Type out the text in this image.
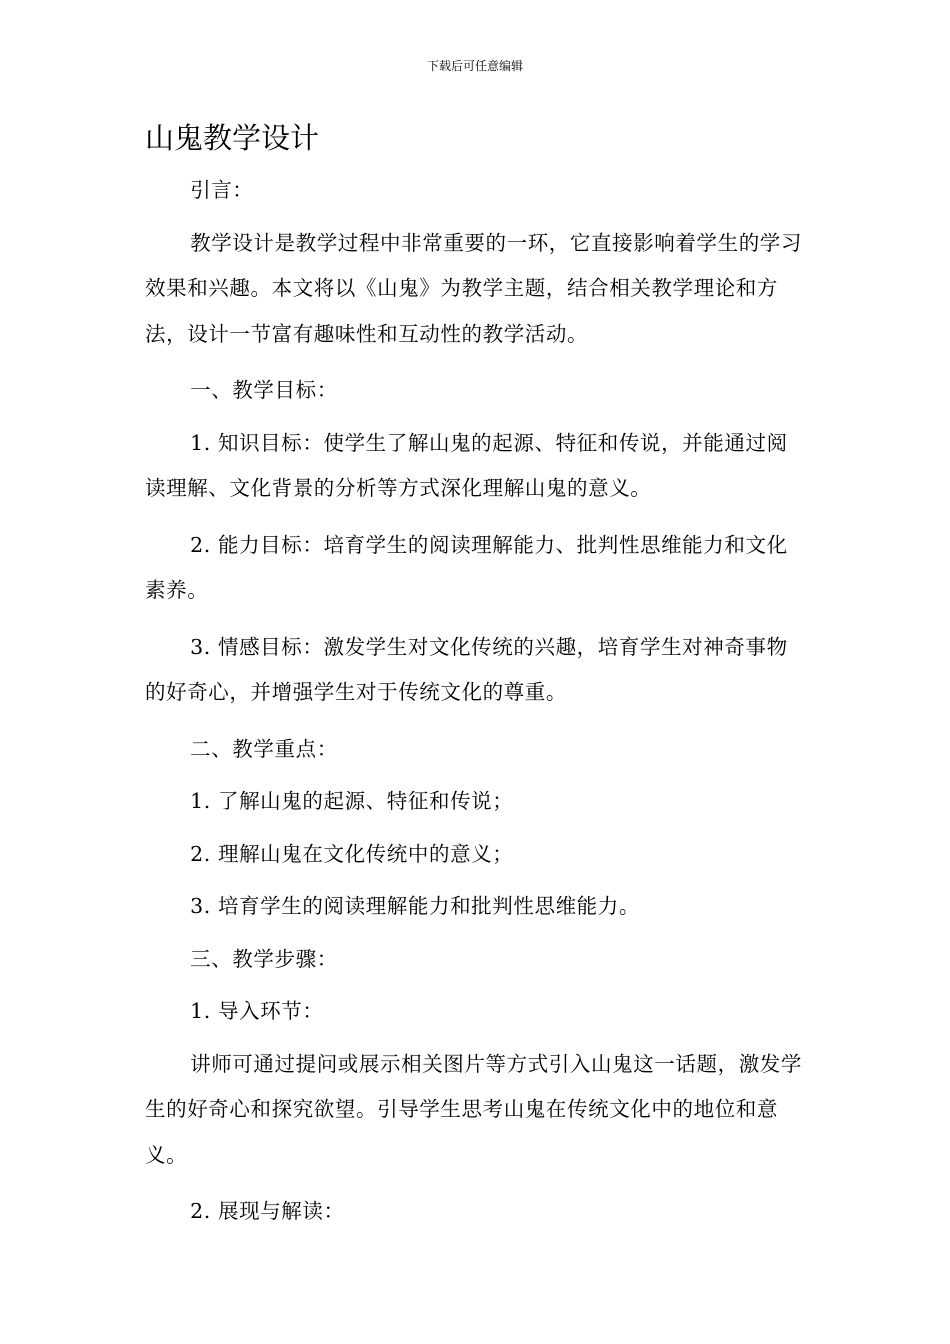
下载后可任意编辑
山鬼教学设计

引言：

教学设计是教学过程中非常重要的一环，它直接影响着学生的学习效果和兴趣。本文将以《山鬼》为教学主题，结合相关教学理论和方法，设计一节富有趣味性和互动性的教学活动。

一、教学目标：

1. 知识目标：使学生了解山鬼的起源、特征和传说，并能通过阅读理解、文化背景的分析等方式深化理解山鬼的意义。

2. 能力目标：培育学生的阅读理解能力、批判性思维能力和文化素养。

3. 情感目标：激发学生对文化传统的兴趣，培育学生对神奇事物的好奇心，并增强学生对于传统文化的尊重。

二、教学重点：

1. 了解山鬼的起源、特征和传说；

2. 理解山鬼在文化传统中的意义；

3. 培育学生的阅读理解能力和批判性思维能力。

三、教学步骤：

1. 导入环节：

讲师可通过提问或展示相关图片等方式引入山鬼这一话题，激发学生的好奇心和探究欲望。引导学生思考山鬼在传统文化中的地位和意义。

2. 展现与解读：
